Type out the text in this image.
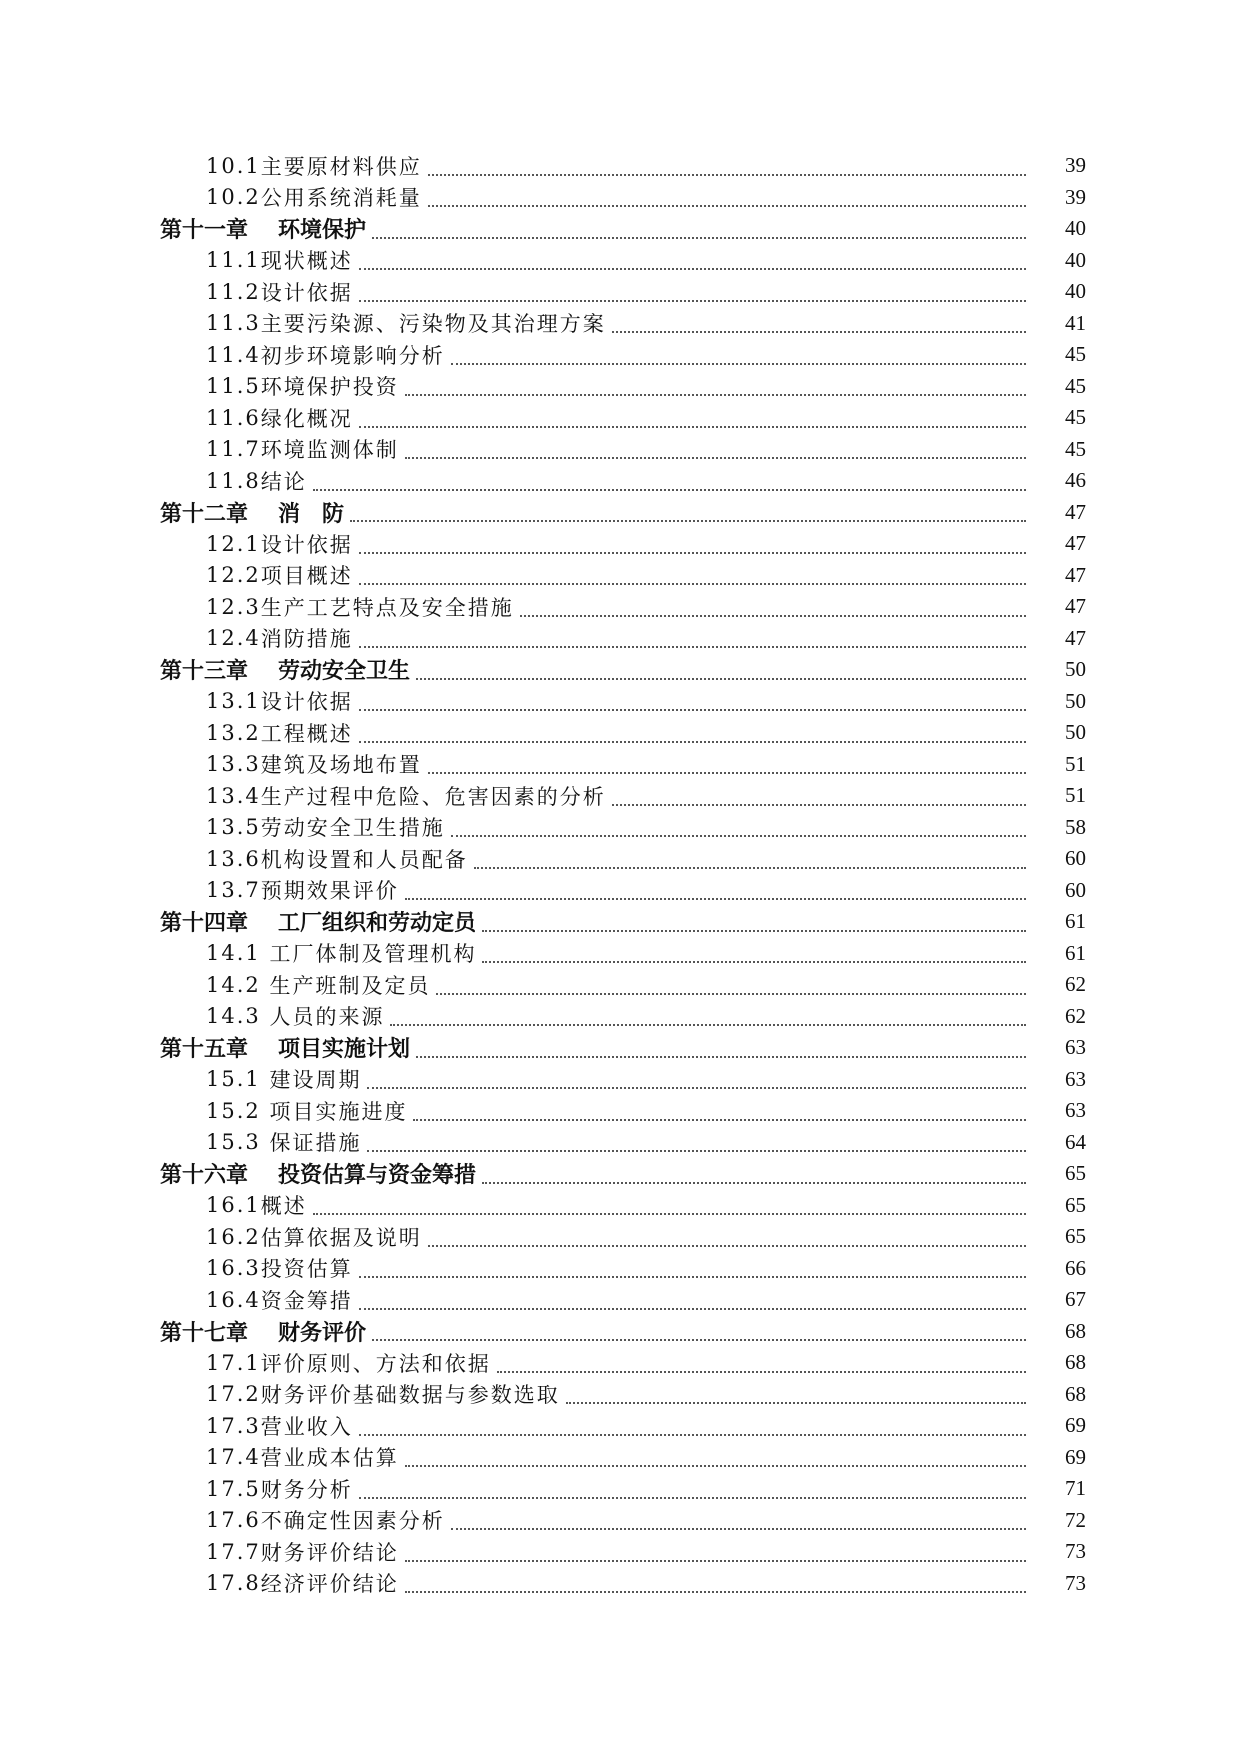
10.1 主要原材料供应	39
10.2 公用系统消耗量	39
第十一章 环境保护	40
11.1 现状概述	40
11.2 设计依据	40
11.3 主要污染源、污染物及其治理方案	41
11.4 初步环境影响分析	45
11.5 环境保护投资	45
11.6 绿化概况	45
11.7 环境监测体制	45
11.8 结论	46
第十二章 消　防	47
12.1 设计依据	47
12.2 项目概述	47
12.3 生产工艺特点及安全措施	47
12.4 消防措施	47
第十三章 劳动安全卫生	50
13.1 设计依据	50
13.2 工程概述	50
13.3 建筑及场地布置	51
13.4 生产过程中危险、危害因素的分析	51
13.5 劳动安全卫生措施	58
13.6 机构设置和人员配备	60
13.7 预期效果评价	60
第十四章 工厂组织和劳动定员	61
14.1 工厂体制及管理机构	61
14.2 生产班制及定员	62
14.3 人员的来源	62
第十五章 项目实施计划	63
15.1 建设周期	63
15.2 项目实施进度	63
15.3 保证措施	64
第十六章 投资估算与资金筹措	65
16.1 概述	65
16.2 估算依据及说明	65
16.3 投资估算	66
16.4 资金筹措	67
第十七章 财务评价	68
17.1 评价原则、方法和依据	68
17.2 财务评价基础数据与参数选取	68
17.3 营业收入	69
17.4 营业成本估算	69
17.5 财务分析	71
17.6 不确定性因素分析	72
17.7 财务评价结论	73
17.8 经济评价结论	73
